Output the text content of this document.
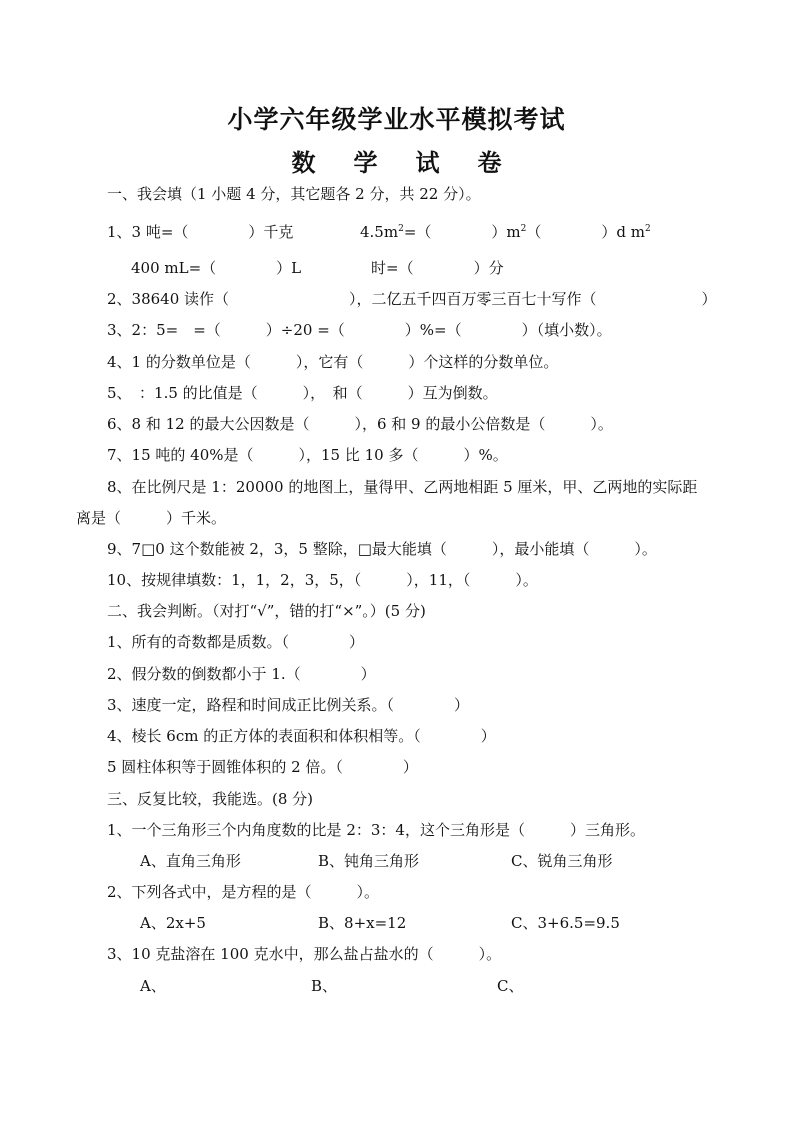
小学六年级学业水平模拟考试
数 学 试 卷
一、我会填（1 小题 4 分，其它题各 2 分，共 22 分）。
1、3 吨=（　　　　）千克	$4.5m^2=$（　　　　）$m^2$（　　　　）d $m^2$
400 mL=（　　　　）L	时=（　　　　）分
2、38640 读作（　　　　　　　　），二亿五千四百万零三百七十写作（　　　　　　　）
3、2：5=　=（　　　）÷20 =（　　　　）%=（　　　　）（填小数）。
4、1 的分数单位是（　　　），它有（　　　）个这样的分数单位。
5、　：1.5 的比值是（　　　），　和（　　　）互为倒数。
6、8 和 12 的最大公因数是（　　　），6 和 9 的最小公倍数是（　　　）。
7、15 吨的 40%是（　　　），15 比 10 多（　　　）%。
8、在比例尺是 1：20000 的地图上，量得甲、乙两地相距 5 厘米，甲、乙两地的实际距
离是（　　　）千米。
9、7□0 这个数能被 2，3，5 整除，□最大能填（　　　），最小能填（　　　）。
10、按规律填数：1，1，2，3，5，（　　　），11，（　　　）。
二、我会判断。（对打“√”，错的打“×”。）(5 分)
1、所有的奇数都是质数。（　　　　）
2、假分数的倒数都小于 1.（　　　　）
3、速度一定，路程和时间成正比例关系。（　　　　）
4、棱长 6cm 的正方体的表面积和体积相等。（　　　　）
5 圆柱体积等于圆锥体积的 2 倍。（　　　　）
三、反复比较，我能选。(8 分)
1、一个三角形三个内角度数的比是 2：3：4，这个三角形是（　　　）三角形。
A、直角三角形	B、钝角三角形	C、锐角三角形
2、下列各式中，是方程的是（　　　）。
A、2x+5	B、8+x=12	C、3+6.5=9.5
3、10 克盐溶在 100 克水中，那么盐占盐水的（　　　）。
A、	B、	C、
